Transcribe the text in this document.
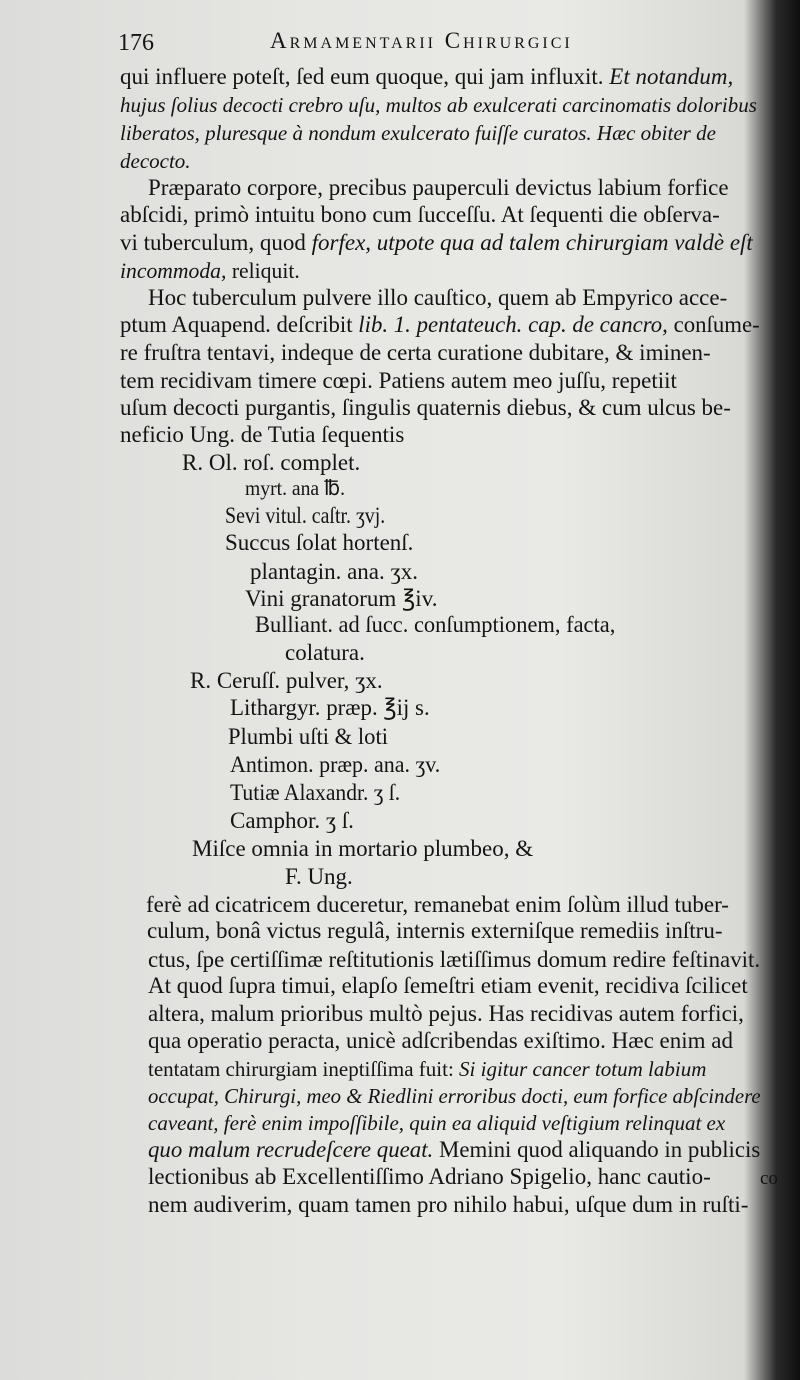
176	Armamentarii Chirurgici
qui influere poteſt, ſed eum quoque, qui jam influxit. Et notandum,
hujus ſolius decocti crebro uſu, multos ab exulcerati carcinomatis doloribus
liberatos, pluresque à nondum exulcerato fuiſſe curatos. Hæc obiter de
decocto.
Præparato corpore, precibus pauperculi devictus labium forfice
abſcidi, primò intuitu bono cum ſucceſſu. At ſequenti die obſerva-
vi tuberculum, quod forfex, utpote qua ad talem chirurgiam valdè eſt
incommoda, reliquit.
Hoc tuberculum pulvere illo cauſtico, quem ab Empyrico acce-
ptum Aquapend. deſcribit lib. 1. pentateuch. cap. de cancro, conſume-
re fruſtra tentavi, indeque de certa curatione dubitare, & iminen-
tem recidivam timere cœpi. Patiens autem meo juſſu, repetiit
uſum decocti purgantis, ſingulis quaternis diebus, & cum ulcus be-
neficio Ung. de Tutia ſequentis
R. Ol. roſ. complet.
myrt. ana ℔.
Sevi vitul. caſtr. ʒvj.
Succus ſolat hortenſ.
plantagin. ana. ʒx.
Vini granatorum ℥iv.
Bulliant. ad ſucc. conſumptionem, facta,
colatura.
R. Ceruſſ. pulver, ʒx.
Lithargyr. præp. ℥ij s.
Plumbi uſti & loti
Antimon. præp. ana. ʒv.
Tutiæ Alaxandr. ʒ ſ.
Camphor. ʒ ſ.
Miſce omnia in mortario plumbeo, &
F. Ung.
ferè ad cicatricem duceretur, remanebat enim ſolùm illud tuber-
culum, bonâ victus regulâ, internis externiſque remediis inſtru-
ctus, ſpe certiſſimæ reſtitutionis lætiſſimus domum redire feſtinavit.
At quod ſupra timui, elapſo ſemeſtri etiam evenit, recidiva ſcilicet
altera, malum prioribus multò pejus. Has recidivas autem forfici,
qua operatio peracta, unicè adſcribendas exiſtimo. Hæc enim ad
tentatam chirurgiam ineptiſſima fuit: Si igitur cancer totum labium
occupat, Chirurgi, meo & Riedlini erroribus docti, eum forfice abſcindere
caveant, ferè enim impoſſibile, quin ea aliquid veſtigium relinquat ex
quo malum recrudeſcere queat. Memini quod aliquando in publicis
lectionibus ab Excellentiſſimo Adriano Spigelio, hanc cautio-
nem audiverim, quam tamen pro nihilo habui, uſque dum in ruſti-
co
